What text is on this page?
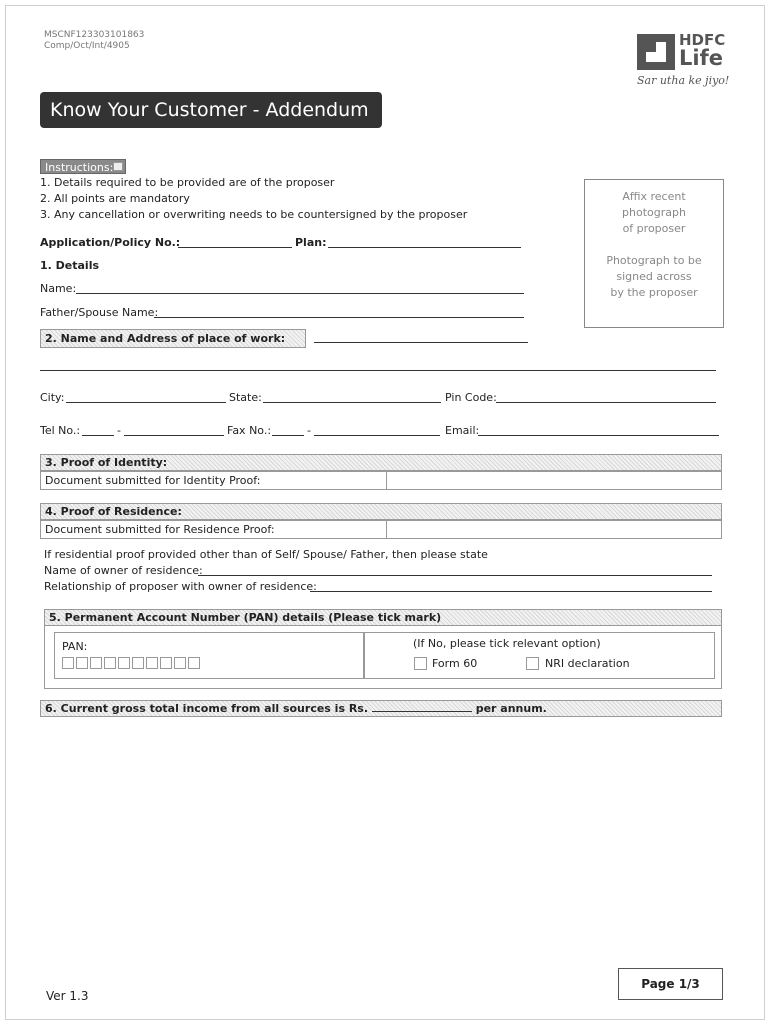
MSCNF123303101863
Comp/Oct/Int/4905	HDFC
Life
Sar utha ke jiyo!
Know Your Customer - Addendum
Instructions:
1. Details required to be provided are of the proposer
2. All points are mandatory
3. Any cancellation or overwriting needs to be countersigned by the proposer
Affix recent
photograph
of proposer
Photograph to be
signed across
by the proposer
Application/Policy No.:	Plan:
1. Details
Name:
Father/Spouse Name:
2. Name and Address of place of work:
City:	State:	Pin Code:
Tel No.:	-	Fax No.:	-	Email:
3. Proof of Identity:
Document submitted for Identity Proof:
4. Proof of Residence:
Document submitted for Residence Proof:
If residential proof provided other than of Self/ Spouse/ Father, then please state
Name of owner of residence:
Relationship of proposer with owner of residence:
5. Permanent Account Number (PAN) details (Please tick mark)
PAN:	(If No, please tick relevant option)
Form 60	NRI declaration
6. Current gross total income from all sources is Rs.	per annum.
Ver 1.3
Page 1/3
